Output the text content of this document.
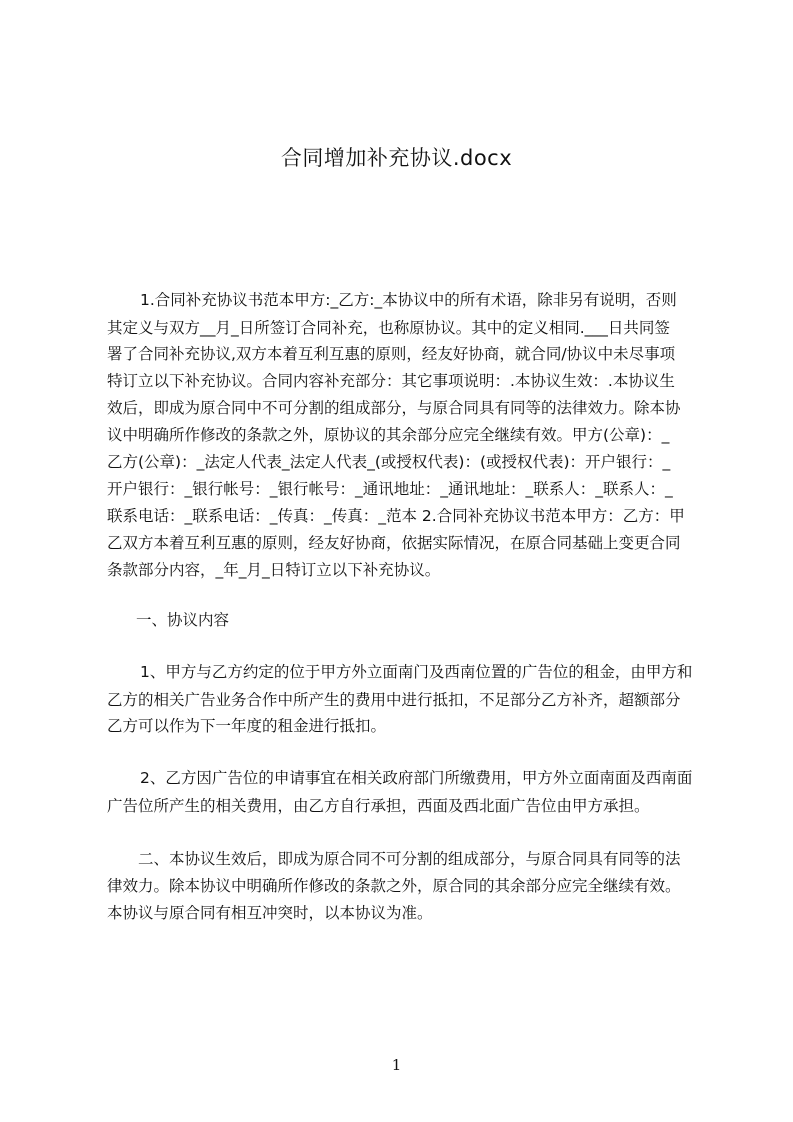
合同增加补充协议.docx
1.合同补充协议书范本甲方:_乙方:_本协议中的所有术语，除非另有说明，否则
其定义与双方__月_日所签订合同补充，也称原协议。其中的定义相同.___日共同签
署了合同补充协议,双方本着互利互惠的原则，经友好协商，就合同/协议中未尽事项
特订立以下补充协议。合同内容补充部分：其它事项说明：.本协议生效：.本协议生
效后，即成为原合同中不可分割的组成部分，与原合同具有同等的法律效力。除本协
议中明确所作修改的条款之外，原协议的其余部分应完全继续有效。甲方(公章)：_
乙方(公章)：_法定人代表_法定人代表_(或授权代表)：(或授权代表)：开户银行：_
开户银行：_银行帐号：_银行帐号：_通讯地址：_通讯地址：_联系人：_联系人：_
联系电话：_联系电话：_传真：_传真：_范本 2.合同补充协议书范本甲方：乙方：甲
乙双方本着互利互惠的原则，经友好协商，依据实际情况，在原合同基础上变更合同
条款部分内容，_年_月_日特订立以下补充协议。
一、协议内容
1、甲方与乙方约定的位于甲方外立面南门及西南位置的广告位的租金，由甲方和
乙方的相关广告业务合作中所产生的费用中进行抵扣，不足部分乙方补齐，超额部分
乙方可以作为下一年度的租金进行抵扣。
2、乙方因广告位的申请事宜在相关政府部门所缴费用，甲方外立面南面及西南面
广告位所产生的相关费用，由乙方自行承担，西面及西北面广告位由甲方承担。
二、本协议生效后，即成为原合同不可分割的组成部分，与原合同具有同等的法
律效力。除本协议中明确所作修改的条款之外，原合同的其余部分应完全继续有效。
本协议与原合同有相互冲突时，以本协议为准。
1
